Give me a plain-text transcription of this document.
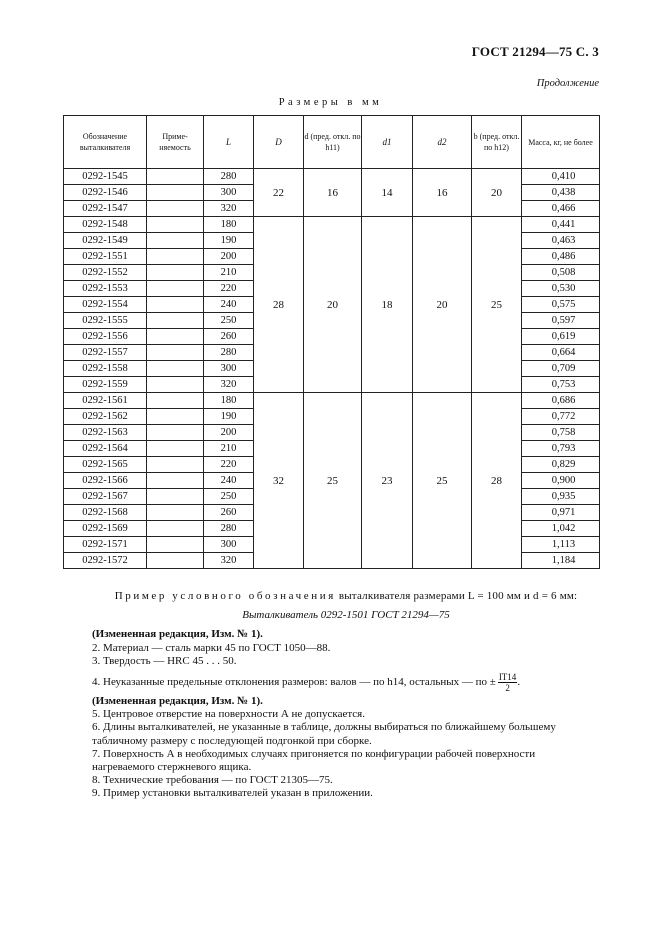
ГОСТ 21294—75 С. 3
Продолжение
Размеры в мм
Обозначение выталкивателя	Приме-няемость	L	D	d (пред. откл. по h11)	d1	d2	b (пред. откл. по h12)	Масса, кг, не более
0292-1545		280	22	16	14	16	20	0,410
0292-1546		300						0,438
0292-1547		320						0,466
0292-1548		180	28	20	18	20	25	0,441
0292-1549		190						0,463
0292-1551		200						0,486
0292-1552		210						0,508
0292-1553		220						0,530
0292-1554		240						0,575
0292-1555		250						0,597
0292-1556		260						0,619
0292-1557		280						0,664
0292-1558		300						0,709
0292-1559		320						0,753
0292-1561		180	32	25	23	25	28	0,686
0292-1562		190						0,772
0292-1563		200						0,758
0292-1564		210						0,793
0292-1565		220						0,829
0292-1566		240						0,900
0292-1567		250						0,935
0292-1568		260						0,971
0292-1569		280						1,042
0292-1571		300						1,113
0292-1572		320						1,184
Пример условного обозначения выталкивателя размерами L = 100 мм и d = 6 мм:
Выталкиватель 0292-1501 ГОСТ 21294—75
(Измененная редакция, Изм. № 1).
2. Материал — сталь марки 45 по ГОСТ 1050—88.
3. Твердость — HRC 45 . . . 50.
4. Неуказанные предельные отклонения размеров: валов — по h14, остальных — по ± $\frac{IT14}{2}$ .
(Измененная редакция, Изм. № 1).
5. Центровое отверстие на поверхности А не допускается.
6. Длины выталкивателей, не указанные в таблице, должны выбираться по ближайшему большему табличному размеру с последующей подгонкой при сборке.
7. Поверхность А в необходимых случаях пригоняется по конфигурации рабочей поверхности нагреваемого стержневого ящика.
8. Технические требования — по ГОСТ 21305—75.
9. Пример установки выталкивателей указан в приложении.
